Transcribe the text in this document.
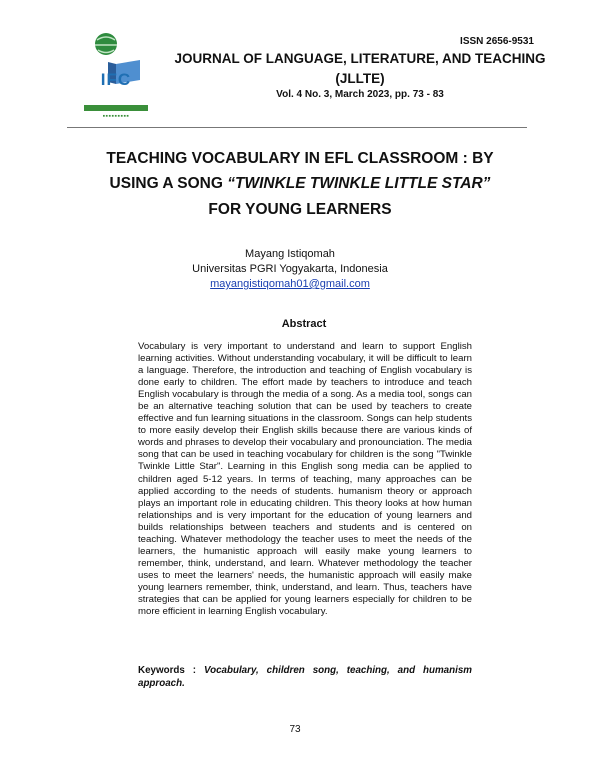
ISSN 2656-9531
IFC
▪▪▪▪▪▪▪▪▪
JOURNAL OF LANGUAGE, LITERATURE, AND TEACHING
(JLLTE)
Vol. 4 No. 3, March 2023, pp. 73 - 83
TEACHING VOCABULARY IN EFL CLASSROOM : BY
USING A SONG “TWINKLE TWINKLE LITTLE STAR”
FOR YOUNG LEARNERS
Mayang Istiqomah
Universitas PGRI Yogyakarta, Indonesia
mayangistiqomah01@gmail.com
Abstract
Vocabulary is very important to understand and learn to support English learning activities. Without understanding vocabulary, it will be difficult to learn a language. Therefore, the introduction and teaching of English vocabulary is done early to children. The effort made by teachers to introduce and teach English vocabulary is through the media of a song. As a media tool, songs can be an alternative teaching solution that can be used by teachers to create effective and fun learning situations in the classroom. Songs can help students to more easily develop their English skills because there are various kinds of words and phrases to develop their vocabulary and pronounciation. The media song that can be used in teaching vocabulary for children is the song "Twinkle Twinkle Little Star". Learning in this English song media can be applied to children aged 5-12 years. In terms of teaching, many approaches can be applied according to the needs of students. humanism theory or approach plays an important role in educating children. This theory looks at how human relationships and is very important for the education of young learners and builds relationships between teachers and students and is centered on teaching. Whatever methodology the teacher uses to meet the needs of the learners, the humanistic approach will easily make young learners to remember, think, understand, and learn. Whatever methodology the teacher uses to meet the learners' needs, the humanistic approach will easily make young learners remember, think, understand, and learn. Thus, teachers have strategies that can be applied for young learners especially for children to be more efficient in learning English vocabulary.
Keywords : Vocabulary, children song, teaching, and humanism approach.
73
